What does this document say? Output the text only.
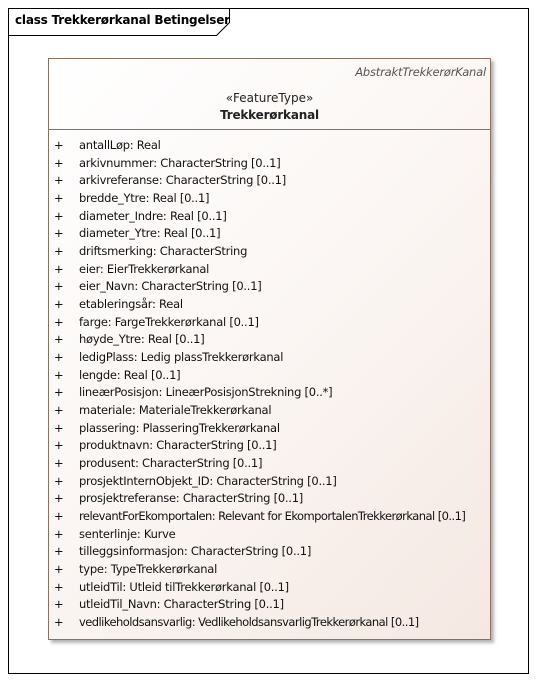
class Trekkerørkanal Betingelser
AbstraktTrekkerørKanal
«FeatureType»
Trekkerørkanal
+ antallLøp: Real
+ arkivnummer: CharacterString [0..1]
+ arkivreferanse: CharacterString [0..1]
+ bredde_Ytre: Real [0..1]
+ diameter_Indre: Real [0..1]
+ diameter_Ytre: Real [0..1]
+ driftsmerking: CharacterString
+ eier: EierTrekkerørkanal
+ eier_Navn: CharacterString [0..1]
+ etableringsår: Real
+ farge: FargeTrekkerørkanal [0..1]
+ høyde_Ytre: Real [0..1]
+ ledigPlass: Ledig plassTrekkerørkanal
+ lengde: Real [0..1]
+ lineærPosisjon: LineærPosisjonStrekning [0..*]
+ materiale: MaterialeTrekkerørkanal
+ plassering: PlasseringTrekkerørkanal
+ produktnavn: CharacterString [0..1]
+ produsent: CharacterString [0..1]
+ prosjektInternObjekt_ID: CharacterString [0..1]
+ prosjektreferanse: CharacterString [0..1]
+ relevantForEkomportalen: Relevant for EkomportalenTrekkerørkanal [0..1]
+ senterlinje: Kurve
+ tilleggsinformasjon: CharacterString [0..1]
+ type: TypeTrekkerørkanal
+ utleidTil: Utleid tilTrekkerørkanal [0..1]
+ utleidTil_Navn: CharacterString [0..1]
+ vedlikeholdsansvarlig: VedlikeholdsansvarligTrekkerørkanal [0..1]
